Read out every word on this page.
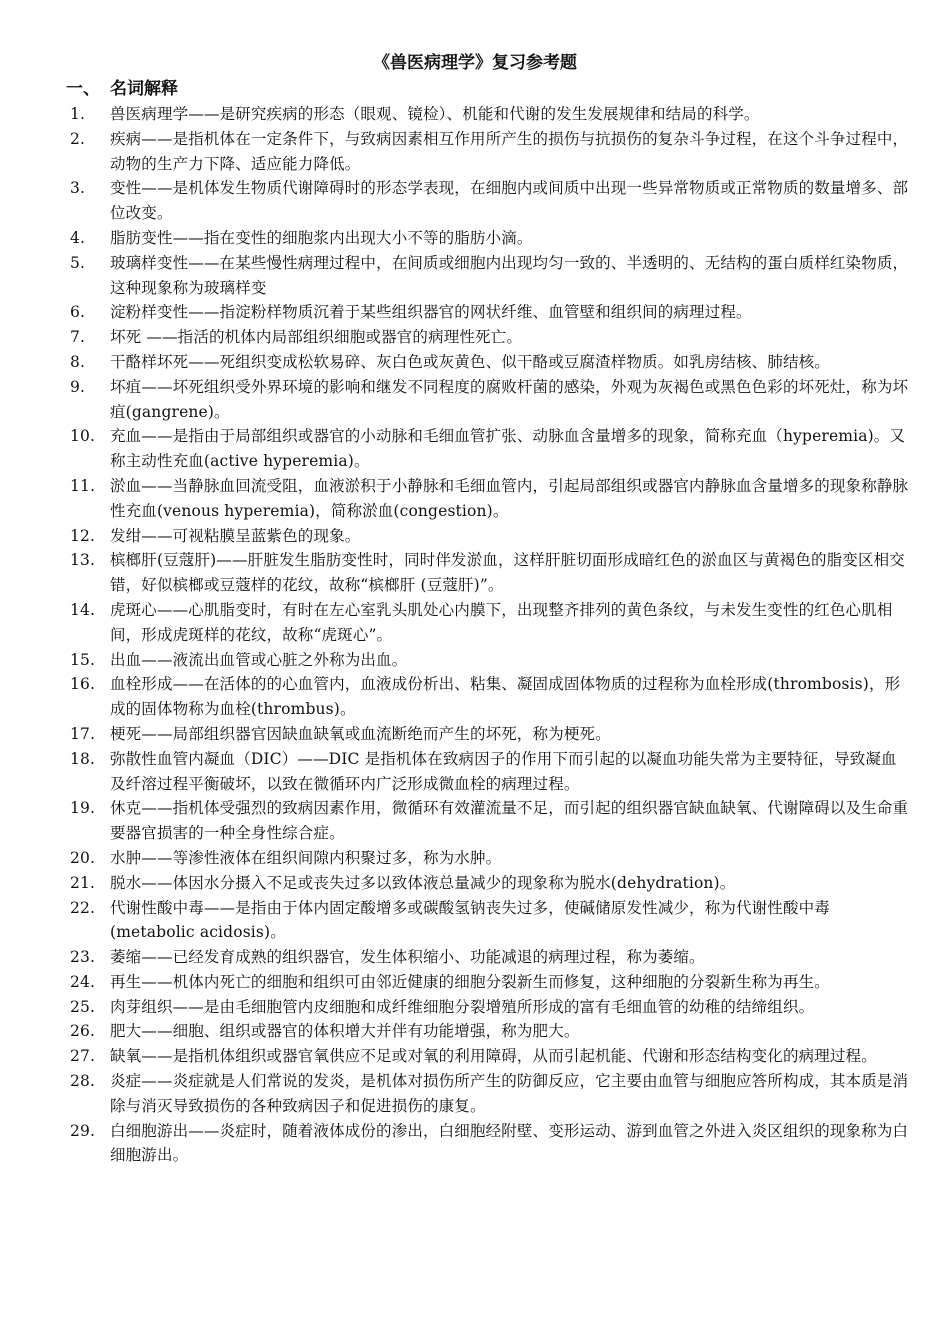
《兽医病理学》复习参考题
一、 名词解释
1.	兽医病理学——是研究疾病的形态（眼观、镜检）、机能和代谢的发生发展规律和结局的科学。
2.	疾病——是指机体在一定条件下，与致病因素相互作用所产生的损伤与抗损伤的复杂斗争过程，在这个斗争过程中，动物的生产力下降、适应能力降低。
3.	变性——是机体发生物质代谢障碍时的形态学表现，在细胞内或间质中出现一些异常物质或正常物质的数量增多、部位改变。
4.	脂肪变性——指在变性的细胞浆内出现大小不等的脂肪小滴。
5.	玻璃样变性——在某些慢性病理过程中，在间质或细胞内出现均匀一致的、半透明的、无结构的蛋白质样红染物质，这种现象称为玻璃样变
6.	淀粉样变性——指淀粉样物质沉着于某些组织器官的网状纤维、血管壁和组织间的病理过程。
7.	坏死 ——指活的机体内局部组织细胞或器官的病理性死亡。
8.	干酪样坏死——死组织变成松软易碎、灰白色或灰黄色、似干酪或豆腐渣样物质。如乳房结核、肺结核。
9.	坏疽——坏死组织受外界环境的影响和继发不同程度的腐败杆菌的感染，外观为灰褐色或黑色色彩的坏死灶，称为坏疽(gangrene)。
10. 充血——是指由于局部组织或器官的小动脉和毛细血管扩张、动脉血含量增多的现象，简称充血（hyperemia)。又称主动性充血(active hyperemia)。
11. 淤血——当静脉血回流受阻，血液淤积于小静脉和毛细血管内，引起局部组织或器官内静脉血含量增多的现象称静脉性充血(venous hyperemia)，简称淤血(congestion)。
12. 发绀——可视粘膜呈蓝紫色的现象。
13. 槟榔肝(豆蔻肝)——肝脏发生脂肪变性时，同时伴发淤血，这样肝脏切面形成暗红色的淤血区与黄褐色的脂变区相交错，好似槟榔或豆蔻样的花纹，故称“槟榔肝 (豆蔻肝)”。
14. 虎斑心——心肌脂变时，有时在左心室乳头肌处心内膜下，出现整齐排列的黄色条纹，与未发生变性的红色心肌相间，形成虎斑样的花纹，故称“虎斑心”。
15. 出血——液流出血管或心脏之外称为出血。
16. 血栓形成——在活体的的心血管内，血液成份析出、粘集、凝固成固体物质的过程称为血栓形成(thrombosis)，形成的固体物称为血栓(thrombus)。
17. 梗死——局部组织器官因缺血缺氧或血流断绝而产生的坏死，称为梗死。
18. 弥散性血管内凝血（DIC）——DIC 是指机体在致病因子的作用下而引起的以凝血功能失常为主要特征，导致凝血及纤溶过程平衡破坏，以致在微循环内广泛形成微血栓的病理过程。
19. 休克——指机体受强烈的致病因素作用，微循环有效灌流量不足，而引起的组织器官缺血缺氧、代谢障碍以及生命重要器官损害的一种全身性综合症。
20. 水肿——等渗性液体在组织间隙内积聚过多，称为水肿。
21. 脱水——体因水分摄入不足或丧失过多以致体液总量减少的现象称为脱水(dehydration)。
22. 代谢性酸中毒——是指由于体内固定酸增多或碳酸氢钠丧失过多，使碱储原发性减少，称为代谢性酸中毒(metabolic acidosis)。
23. 萎缩——已经发育成熟的组织器官，发生体积缩小、功能减退的病理过程，称为萎缩。
24. 再生——机体内死亡的细胞和组织可由邻近健康的细胞分裂新生而修复，这种细胞的分裂新生称为再生。
25. 肉芽组织——是由毛细胞管内皮细胞和成纤维细胞分裂增殖所形成的富有毛细血管的幼稚的结缔组织。
26. 肥大——细胞、组织或器官的体积增大并伴有功能增强，称为肥大。
27. 缺氧——是指机体组织或器官氧供应不足或对氧的利用障碍，从而引起机能、代谢和形态结构变化的病理过程。
28. 炎症——炎症就是人们常说的发炎，是机体对损伤所产生的防御反应，它主要由血管与细胞应答所构成，其本质是消除与消灭导致损伤的各种致病因子和促进损伤的康复。
29. 白细胞游出——炎症时，随着液体成份的渗出，白细胞经附壁、变形运动、游到血管之外进入炎区组织的现象称为白细胞游出。
